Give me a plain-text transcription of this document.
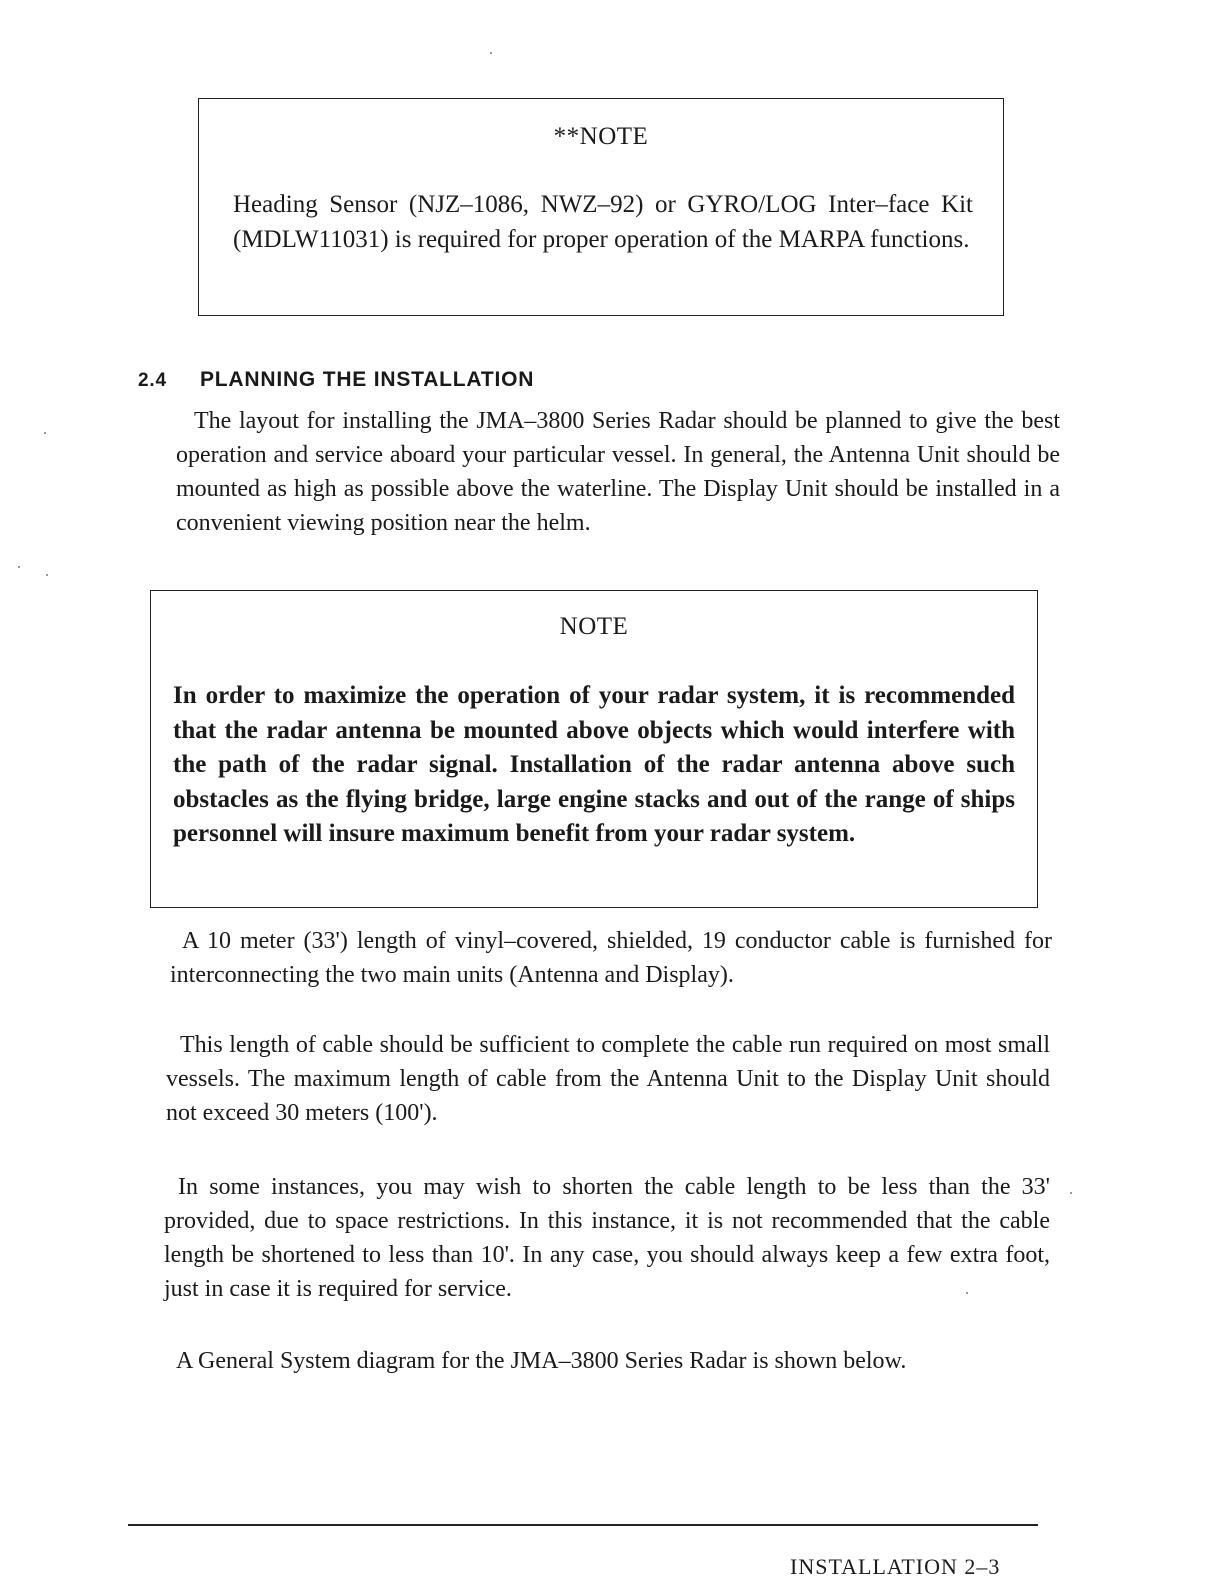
**NOTE
Heading Sensor (NJZ–1086, NWZ–92) or GYRO/LOG Inter–face Kit (MDLW11031) is required for proper operation of the MARPA functions.
2.4 PLANNING THE INSTALLATION
The layout for installing the JMA–3800 Series Radar should be planned to give the best operation and service aboard your particular vessel. In general, the Antenna Unit should be mounted as high as possible above the waterline. The Display Unit should be installed in a convenient viewing position near the helm.
NOTE
In order to maximize the operation of your radar system, it is recommended that the radar antenna be mounted above objects which would interfere with the path of the radar signal. Installation of the radar antenna above such obstacles as the flying bridge, large engine stacks and out of the range of ships personnel will insure maximum benefit from your radar system.
A 10 meter (33') length of vinyl–covered, shielded, 19 conductor cable is furnished for interconnecting the two main units (Antenna and Display).
This length of cable should be sufficient to complete the cable run required on most small vessels. The maximum length of cable from the Antenna Unit to the Display Unit should not exceed 30 meters (100').
In some instances, you may wish to shorten the cable length to be less than the 33' provided, due to space restrictions. In this instance, it is not recommended that the cable length be shortened to less than 10'. In any case, you should always keep a few extra foot, just in case it is required for service.
A General System diagram for the JMA–3800 Series Radar is shown below.
INSTALLATION 2–3
